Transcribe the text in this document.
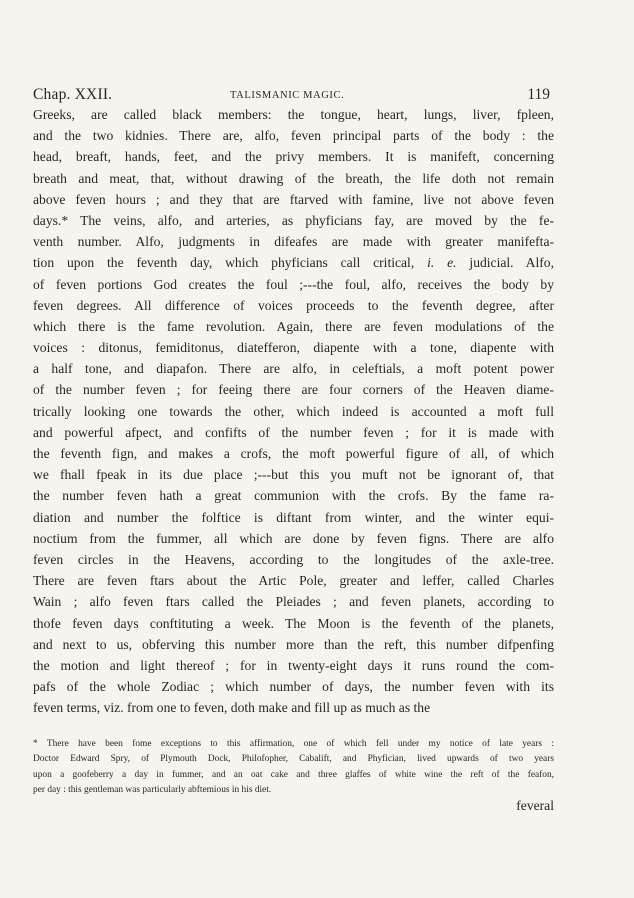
Chap. XXII.	TALISMANIC MAGIC.	119
Greeks, are called black members: the tongue, heart, lungs, liver, fpleen,
and the two kidnies. There are, alfo, feven principal parts of the body : the
head, breaft, hands, feet, and the privy members. It is manifeft, concerning
breath and meat, that, without drawing of the breath, the life doth not remain
above feven hours ; and they that are ftarved with famine, live not above feven
days.* The veins, alfo, and arteries, as phyficians fay, are moved by the fe-
venth number. Alfo, judgments in difeafes are made with greater manifefta-
tion upon the feventh day, which phyficians call critical, i. e. judicial. Alfo,
of feven portions God creates the foul ;---the foul, alfo, receives the body by
feven degrees. All difference of voices proceeds to the feventh degree, after
which there is the fame revolution. Again, there are feven modulations of the
voices : ditonus, femiditonus, diatefferon, diapente with a tone, diapente with
a half tone, and diapafon. There are alfo, in celeftials, a moft potent power
of the number feven ; for feeing there are four corners of the Heaven diame-
trically looking one towards the other, which indeed is accounted a moft full
and powerful afpect, and confifts of the number feven ; for it is made with
the feventh fign, and makes a crofs, the moft powerful figure of all, of which
we fhall fpeak in its due place ;---but this you muft not be ignorant of, that
the number feven hath a great communion with the crofs. By the fame ra-
diation and number the folftice is diftant from winter, and the winter equi-
noctium from the fummer, all which are done by feven figns. There are alfo
feven circles in the Heavens, according to the longitudes of the axle-tree.
There are feven ftars about the Artic Pole, greater and leffer, called Charles
Wain ; alfo feven ftars called the Pleiades ; and feven planets, according to
thofe feven days conftituting a week. The Moon is the feventh of the planets,
and next to us, obferving this number more than the reft, this number difpenfing
the motion and light thereof ; for in twenty-eight days it runs round the com-
pafs of the whole Zodiac ; which number of days, the number feven with its
feven terms, viz. from one to feven, doth make and fill up as much as the
* There have been fome exceptions to this affirmation, one of which fell under my notice of late years :
Doctor Edward Spry, of Plymouth Dock, Philofopher, Cabalift, and Phyfician, lived upwards of two years
upon a goofeberry a day in fummer, and an oat cake and three glaffes of white wine the reft of the feafon,
per day : this gentleman was particularly abftemious in his diet.
feveral
